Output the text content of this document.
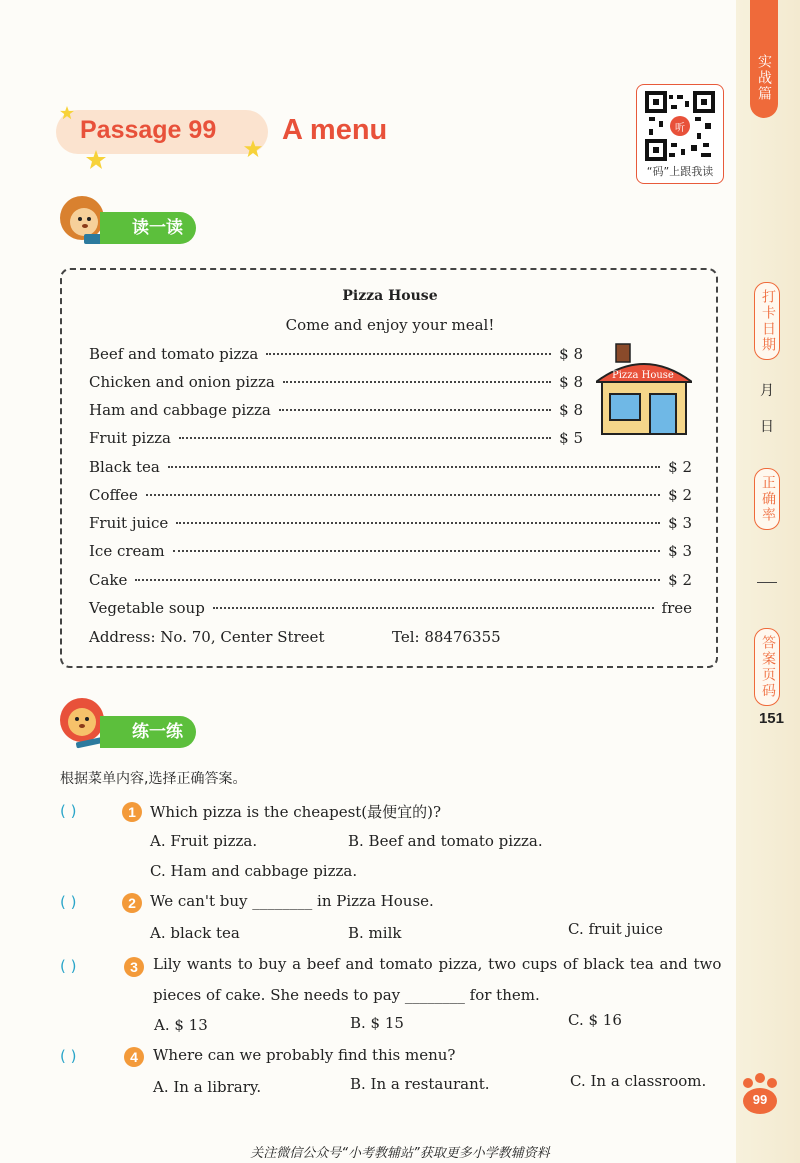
实战篇
打卡日期
月
日
正确率
答案页码
151
99
Passage 99 A menu	听
“码”上跟我读
读一读
Pizza House
Come and enjoy your meal!
Beef and tomato pizza	$ 8
Chicken and onion pizza	$ 8
Ham and cabbage pizza	$ 8
Fruit pizza	$ 5
Black tea	$ 2
Coffee	$ 2
Fruit juice	$ 3
Ice cream	$ 3
Cake	$ 2
Vegetable soup	free
Pizza House
Address: No. 70, Center Street	Tel: 88476355
练一练
根据菜单内容,选择正确答案。
( )	1 Which pizza is the cheapest(最便宜的)?
A. Fruit pizza.	B. Beef and tomato pizza.
C. Ham and cabbage pizza.
( )	2 We can't buy ________ in Pizza House.
A. black tea	B. milk	C. fruit juice
( )	3	Lily wants to buy a beef and tomato pizza, two cups of black tea and two
pieces of cake. She needs to pay ________ for them.
A. $ 13	B. $ 15	C. $ 16
( )	4	Where can we probably find this menu?
A. In a library.	B. In a restaurant.	C. In a classroom.
关注微信公众号“小考教辅站”获取更多小学教辅资料
